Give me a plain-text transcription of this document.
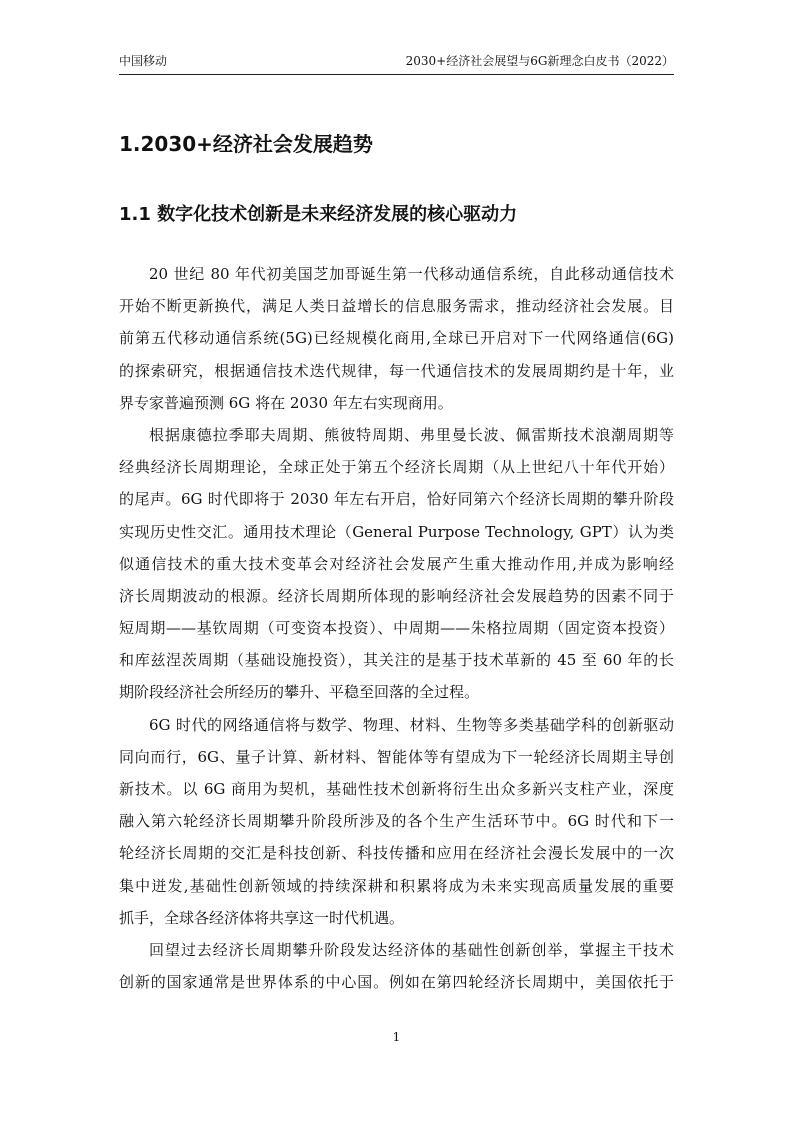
中国移动	2030+经济社会展望与6G新理念白皮书（2022）
1.2030+经济社会发展趋势
1.1 数字化技术创新是未来经济发展的核心驱动力

20 世纪 80 年代初美国芝加哥诞生第一代移动通信系统，自此移动通信技术
开始不断更新换代，满足人类日益增长的信息服务需求，推动经济社会发展。目
前第五代移动通信系统(5G)已经规模化商用,全球已开启对下一代网络通信(6G)
的探索研究，根据通信技术迭代规律，每一代通信技术的发展周期约是十年，业
界专家普遍预测 6G 将在 2030 年左右实现商用。

根据康德拉季耶夫周期、熊彼特周期、弗里曼长波、佩雷斯技术浪潮周期等
经典经济长周期理论，全球正处于第五个经济长周期（从上世纪八十年代开始）
的尾声。6G 时代即将于 2030 年左右开启，恰好同第六个经济长周期的攀升阶段
实现历史性交汇。通用技术理论（General Purpose Technology, GPT）认为类
似通信技术的重大技术变革会对经济社会发展产生重大推动作用,并成为影响经
济长周期波动的根源。经济长周期所体现的影响经济社会发展趋势的因素不同于
短周期——基钦周期（可变资本投资）、中周期——朱格拉周期（固定资本投资）
和库兹涅茨周期（基础设施投资），其关注的是基于技术革新的 45 至 60 年的长
期阶段经济社会所经历的攀升、平稳至回落的全过程。

6G 时代的网络通信将与数学、物理、材料、生物等多类基础学科的创新驱动
同向而行，6G、量子计算、新材料、智能体等有望成为下一轮经济长周期主导创
新技术。以 6G 商用为契机，基础性技术创新将衍生出众多新兴支柱产业，深度
融入第六轮经济长周期攀升阶段所涉及的各个生产生活环节中。6G 时代和下一
轮经济长周期的交汇是科技创新、科技传播和应用在经济社会漫长发展中的一次
集中迸发,基础性创新领域的持续深耕和积累将成为未来实现高质量发展的重要
抓手，全球各经济体将共享这一时代机遇。

回望过去经济长周期攀升阶段发达经济体的基础性创新创举，掌握主干技术
创新的国家通常是世界体系的中心国。例如在第四轮经济长周期中，美国依托于

1
